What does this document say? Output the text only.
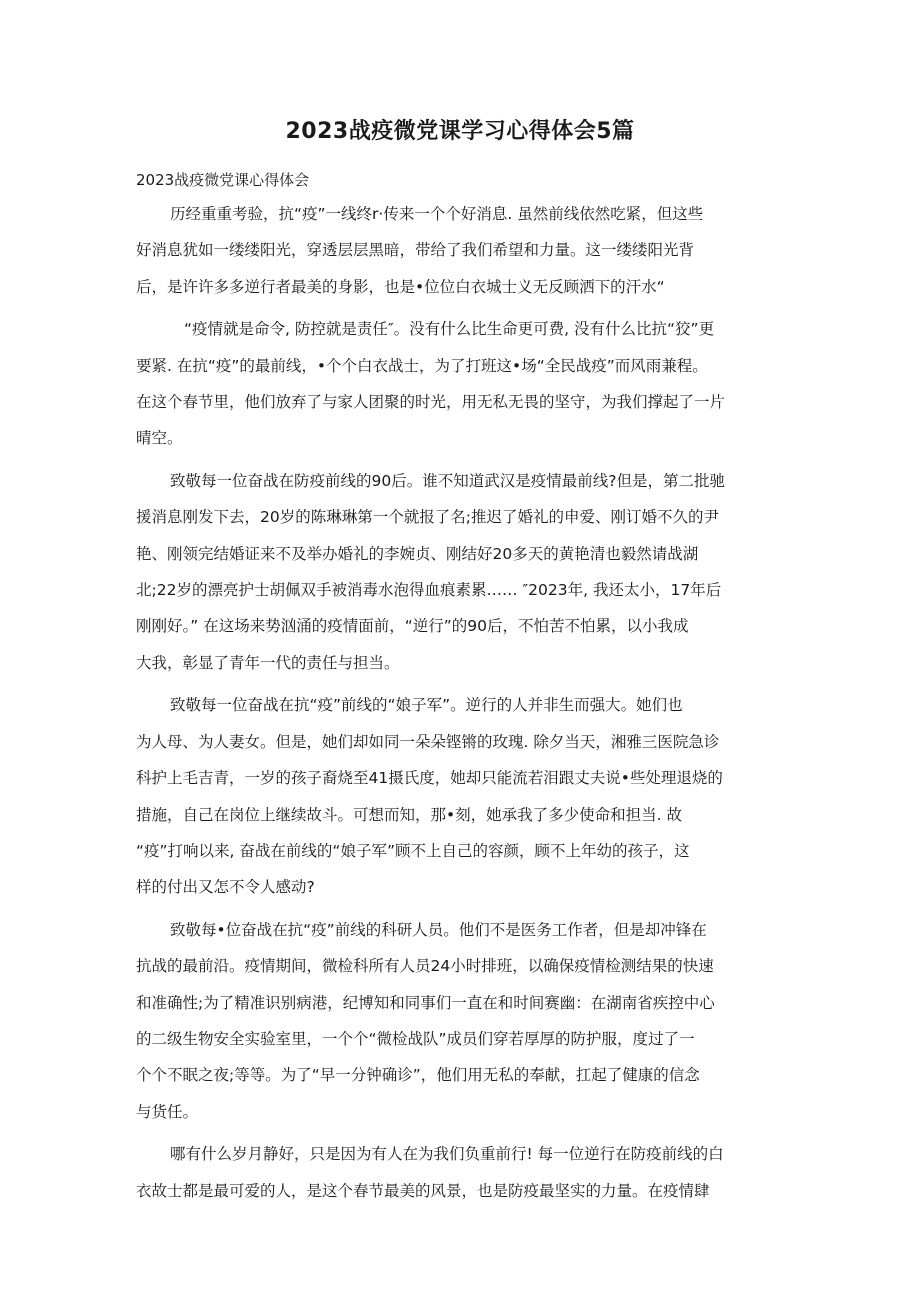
2023战疫微党课学习心得体会5篇
2023战疫微党课心得体会

历经重重考验，抗“疫”一线终r·传来一个个好消息. 虽然前线依然吃紧，但这些
好消息犹如一缕缕阳光，穿透层层黑暗，带给了我们希望和力量。这一缕缕阳光背
后，是许许多多逆行者最美的身影，也是•位位白衣城士义无反顾洒下的汗水“

“疫情就是命令, 防控就是责任″。没有什么比生命更可费, 没有什么比抗“狡”更
要紧. 在抗“疫”的最前线，•个个白衣战士，为了打班这•场“全民战疫”而风雨兼程。
在这个春节里，他们放弃了与家人团聚的时光，用无私无畏的坚守，为我们撑起了一片
晴空。

致敬每一位奋战在防疫前线的90后。谁不知道武汉是疫情最前线?但是，第二批驰
援消息刚发下去，20岁的陈琳琳第一个就报了名;推迟了婚礼的申爱、刚订婚不久的尹
艳、刚领完结婚证来不及举办婚礼的李婉贞、刚结好20多天的黄艳清也毅然请战湖
北;22岁的漂亮护士胡佩双手被消毒水泡得血痕素累…… ″2023年, 我还太小，17年后
刚刚好。” 在这场来势汹涌的疫情面前，“逆行”的90后，不怕苦不怕累，以小我成
大我，彰显了青年一代的责任与担当。

致敬每一位奋战在抗“疫”前线的“娘子军”。逆行的人并非生而强大。她们也
为人母、为人妻女。但是，她们却如同一朵朵铿锵的玫瑰. 除夕当天，湘雅三医院急诊
科护上毛吉青，一岁的孩子裔烧至41摄氏度，她却只能流若泪跟丈夫说•些处理退烧的
措施，自己在岗位上继续故斗。可想而知，那•刻，她承我了多少使命和担当. 故
“疫”打响以来, 奋战在前线的“娘子军”顾不上自己的容颜，顾不上年幼的孩子，这
样的付出又怎不令人感动?

致敬每•位奋战在抗“疫”前线的科研人员。他们不是医务工作者，但是却冲锋在
抗战的最前沿。疫情期间，微检科所有人员24小时排班，以确保疫情检测结果的快速
和准确性;为了精准识别病港，纪博知和同事们一直在和时间赛幽：在湖南省疾控中心
的二级生物安全实验室里，一个个“微检战队”成员们穿若厚厚的防护服，度过了一
个个不眠之夜;等等。为了“早一分钟确诊”，他们用无私的奉献，扛起了健康的信念
与货任。

哪有什么岁月静好，只是因为有人在为我们负重前行! 每一位逆行在防疫前线的白
衣故士都是最可爱的人，是这个春节最美的风景，也是防疫最坚实的力量。在疫情肆
